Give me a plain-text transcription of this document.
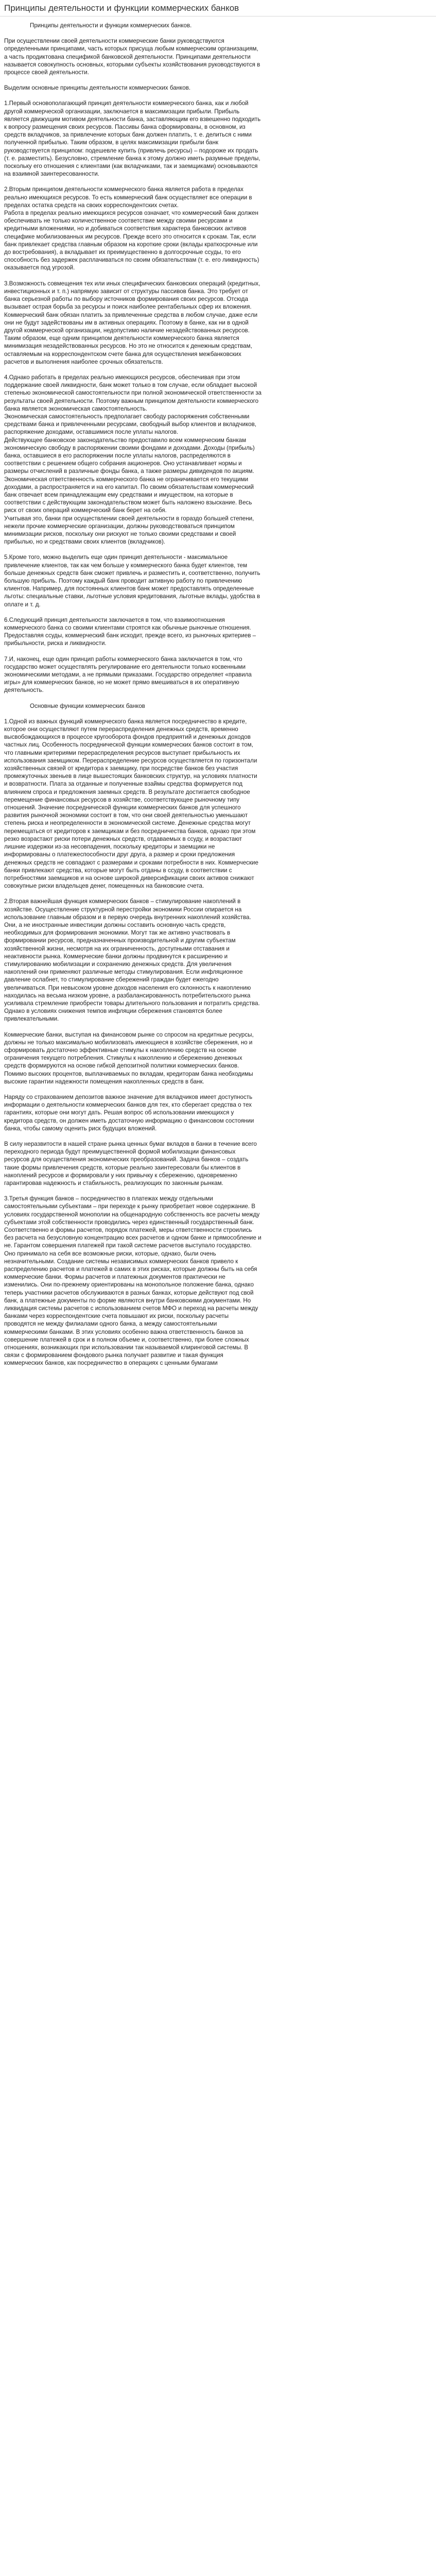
Принципы деятельности и функции коммерческих банков

Принципы деятельности и функции коммерческих банков.

При осуществлении своей деятельности коммерческие банки руководствуются определенными принципами, часть которых присуща любым коммерческим организациям, а часть продиктована спецификой банковской деятельности. Принципами деятельности называется совокупность основных, которыми субъекты хозяйствования руководствуются в процессе своей деятельности.

Выделим основные принципы деятельности коммерческих банков.

1.Первый основополагающий принцип деятельности коммерческого банка, как и любой другой коммерческой организации, заключается в максимизации прибыли. Прибыль является движущим мотивом деятельности банка, заставляющим его взвешенно подходить к вопросу размещения своих ресурсов. Пассивы банка сформированы, в основном, из средств вкладчиков, за привлечение которых банк должен платить, т. е. делиться с ними полученной прибылью. Таким образом, в целях максимизации прибыли банк руководствуется принципом: подешевле купить (привлечь ресурсы) – подороже их продать (т. е. разместить). Безусловно, стремление банка к этому должно иметь разумные пределы, поскольку его отношения с клиентами (как вкладчиками, так и заемщиками) основываются на взаимной заинтересованности.

2.Вторым принципом деятельности коммерческого банка является работа в пределах реально имеющихся ресурсов. То есть коммерческий банк осуществляет все операции в пределах остатка средств на своих корреспондентских счетах.

Работа в пределах реально имеющихся ресурсов означает, что коммерческий банк должен обеспечивать не только количественное соответствие между своими ресурсами и кредитными вложениями, но и добиваться соответствия характера банковских активов специфике мобилизованных им ресурсов. Прежде всего это относится к срокам. Так, если банк привлекает средства главным образом на короткие сроки (вклады краткосрочные или до востребования), а вкладывает их преимущественно в долгосрочные ссуды, то его способность без задержек расплачиваться по своим обязательствам (т. е. его ликвидность) оказывается под угрозой.

3.Возможность совмещения тех или иных специфических банковских операций (кредитных, инвестиционных и т. п.) напрямую зависит от структуры пассивов банка. Это требует от банка серьезной работы по выбору источников формирования своих ресурсов. Отсюда вызывает острая борьба за ресурсы и поиск наиболее рентабельных сфер их вложения.

Коммерческий банк обязан платить за привлеченные средства в любом случае, даже если они не будут задействованы им в активных операциях. Поэтому в банке, как ни в одной другой коммерческой организации, недопустимо наличие незадействованных ресурсов. Таким образом, еще одним принципом деятельности коммерческого банка является минимизация незадействованных ресурсов. Но это не относится к денежным средствам, оставляемым на корреспондентском счете банка для осуществления межбанковских расчетов и выполнения наиболее срочных обязательств.

4.Однако работать в пределах реально имеющихся ресурсов, обеспечивая при этом поддержание своей ликвидности, банк может только в том случае, если обладает высокой степенью экономической самостоятельности при полной экономической ответственности за результаты своей деятельности. Поэтому важным принципом деятельности коммерческого банка является экономическая самостоятельность.

Экономическая самостоятельность предполагает свободу распоряжения собственными средствами банка и привлеченными ресурсами, свободный выбор клиентов и вкладчиков, распоряжение доходами, оставшимися после уплаты налогов.

Действующее банковское законодательство предоставило всем коммерческим банкам экономическую свободу в распоряжении своими фондами и доходами. Доходы (прибыль) банка, оставшиеся в его распоряжении после уплаты налогов, распределяются в соответствии с решением общего собрания акционеров. Оно устанавливает нормы и размеры отчислений в различные фонды банка, а также размеры дивидендов по акциям.

Экономическая ответственность коммерческого банка не ограничивается его текущими доходами, а распространяется и на его капитал. По своим обязательствам коммерческий банк отвечает всем принадлежащим ему средствами и имуществом, на которые в соответствии с действующим законодательством может быть наложено взыскание. Весь риск от своих операций коммерческий банк берет на себя.

Учитывая это, банки при осуществлении своей деятельности в гораздо большей степени, нежели прочие коммерческие организации, должны руководствоваться принципом минимизации рисков, поскольку они рискуют не только своими средствами и своей прибылью, но и средствами своих клиентов (вкладчиков).

5.Кроме того, можно выделить еще один принцип деятельности - максимальное привлечение клиентов, так как чем больше у коммерческого банка будет клиентов, тем больше денежных средств банк сможет привлечь и разместить и, соответственно, получить большую прибыль. Поэтому каждый банк проводит активную работу по привлечению клиентов. Например, для постоянных клиентов банк может предоставлять определенные льготы: специальные ставки, льготные условия кредитования, льготные вклады, удобства в оплате и т. д.

6.Следующий принцип деятельности заключается в том, что взаимоотношения коммерческого банка со своими клиентами строятся как обычные рыночные отношения. Предоставляя ссуды, коммерческий банк исходит, прежде всего, из рыночных критериев – прибыльности, риска и ликвидности.

7.И, наконец, еще один принцип работы коммерческого банка заключается в том, что государство может осуществлять регулирование его деятельности только косвенными экономическими методами, а не прямыми приказами. Государство определяет «правила игры» для коммерческих банков, но не может прямо вмешиваться в их оперативную деятельность.

Основные функции коммерческих банков

1.Одной из важных функций коммерческого банка является посредничество в кредите, которое они осуществляют путем перераспределения денежных средств, временно высвобождающихся в процессе кругооборота фондов предприятий и денежных доходов частных лиц. Особенность посреднической функции коммерческих банков состоит в том, что главными критериями перераспределения ресурсов выступает прибыльность их использования заемщиком. Перераспределение ресурсов осуществляется по горизонтали хозяйственных связей от кредитора к заемщику, при посредстве банков без участия промежуточных звеньев в лице вышестоящих банковских структур, на условиях платности и возвратности. Плата за отданные и полученные взаймы средства формируется под влиянием спроса и предложения заемных средств. В результате достигается свободное перемещение финансовых ресурсов в хозяйстве, соответствующее рыночному типу отношений. Значение посреднической функции коммерческих банков для успешного развития рыночной экономики состоит в том, что они своей деятельностью уменьшают степень риска и неопределенности в экономической системе. Денежные средства могут перемещаться от кредиторов к заемщикам и без посредничества банков, однако при этом резко возрастают риски потери денежных средств, отдаваемых в ссуду, и возрастают лишние издержки из-за несовпадения, поскольку кредиторы и заемщики не информированы о платежеспособности друг друга, а размер и сроки предложения денежных средств не совпадают с размерами и сроками потребности в них. Коммерческие банки привлекают средства, которые могут быть отданы в ссуду, в соответствии с потребностями заемщиков и на основе широкой диверсификации своих активов снижают совокупные риски владельцев денег, помещенных на банковские счета.

2.Вторая важнейшая функция коммерческих банков – стимулирование накоплений в хозяйстве. Осуществление структурной перестройки экономики России опирается на использование главным образом и в первую очередь внутренних накоплений хозяйства. Они, а не иностранные инвестиции должны составить основную часть средств, необходимых для формирования экономики. Могут так же активно участвовать в формировании ресурсов, предназначенных производительной и другим субъектам хозяйственной жизни, несмотря на их ограниченность, доступными отставания и неактивности рынка. Коммерческие банки должны продвинутся к расширению и стимулированию мобилизации и сохранению денежных средств. Для увеличения накоплений они применяют различные методы стимулирования. Если инфляционное давление ослабнет, то стимулирование сбережений граждан будет ежегодно увеличиваться. При невысоком уровне доходов населения его склонность к накоплению находилась на весьма низком уровне, а разбалансированность потребительского рынка усиливала стремление приобрести товары длительного пользования и потратить средства. Однако в условиях снижения темпов инфляции сбережения становятся более привлекательными.

Коммерческие банки, выступая на финансовом рынке со спросом на кредитные ресурсы, должны не только максимально мобилизовать имеющиеся в хозяйстве сбережения, но и сформировать достаточно эффективные стимулы к накоплению средств на основе ограничения текущего потребления. Стимулы к накоплению и сбережению денежных средств формируются на основе гибкой депозитной политики коммерческих банков. Помимо высоких процентов, выплачиваемых по вкладам, кредиторам банка необходимы высокие гарантии надежности помещения накопленных средств в банк.

Наряду со страхованием депозитов важное значение для вкладчиков имеет доступность информации о деятельности коммерческих банков для тех, кто сберегает средства о тех гарантиях, которые они могут дать. Решая вопрос об использовании имеющихся у кредитора средств, он должен иметь достаточную информацию о финансовом состоянии банка, чтобы самому оценить риск будущих вложений.

В силу неразвитости в нашей стране рынка ценных бумаг вкладов в банки в течение всего переходного периода будут преимущественной формой мобилизации финансовых ресурсов для осуществления экономических преобразований. Задача банков – создать такие формы привлечения средств, которые реально заинтересовали бы клиентов в накоплений ресурсов и формировали у них привычку к сбережению, одновременно гарантировав надежность и стабильность, реализующих по законным рынкам.

3.Третья функция банков – посредничество в платежах между отдельными самостоятельными субъектами – при переходе к рынку приобретает новое содержание. В условиях государственной монополии на общенародную собственность все расчеты между субъектами этой собственности проводились через единственный государственный банк. Соответственно и формы расчетов, порядок платежей, меры ответственности строились без расчета на безусловную концентрацию всех расчетов и одном банке и прямособление и не. Гарантом совершения платежей при такой системе расчетов выступало государство. Оно принимало на себя все возможные риски, которые, однако, были очень незначительными. Создание системы независимых коммерческих банков привело к распределению расчетов и платежей в самих в этих рисках, которые должны быть на себя коммерческие банки. Формы расчетов и платежных документов практически не изменились. Они по-прежнему ориентированы на монопольное положение банка, однако теперь участники расчетов обслуживаются в разных банках, которые действуют под свой банк, а платежные документы по форме являются внутри банковскими документами. Но ликвидация системы расчетов с использованием счетов МФО и переход на расчеты между банками через корреспондентские счета повышают их риски, поскольку расчеты проводятся не между филиалами одного банка, а между самостоятельными коммерческими банками. В этих условиях особенно важна ответственность банков за совершение платежей в срок и в полном объеме и, соответственно, при более сложных отношениях, возникающих при использовании так называемой клиринговой системы. В связи с формированием фондового рынка получает развитие и такая функция коммерческих банков, как посредничество в операциях с ценными бумагами
